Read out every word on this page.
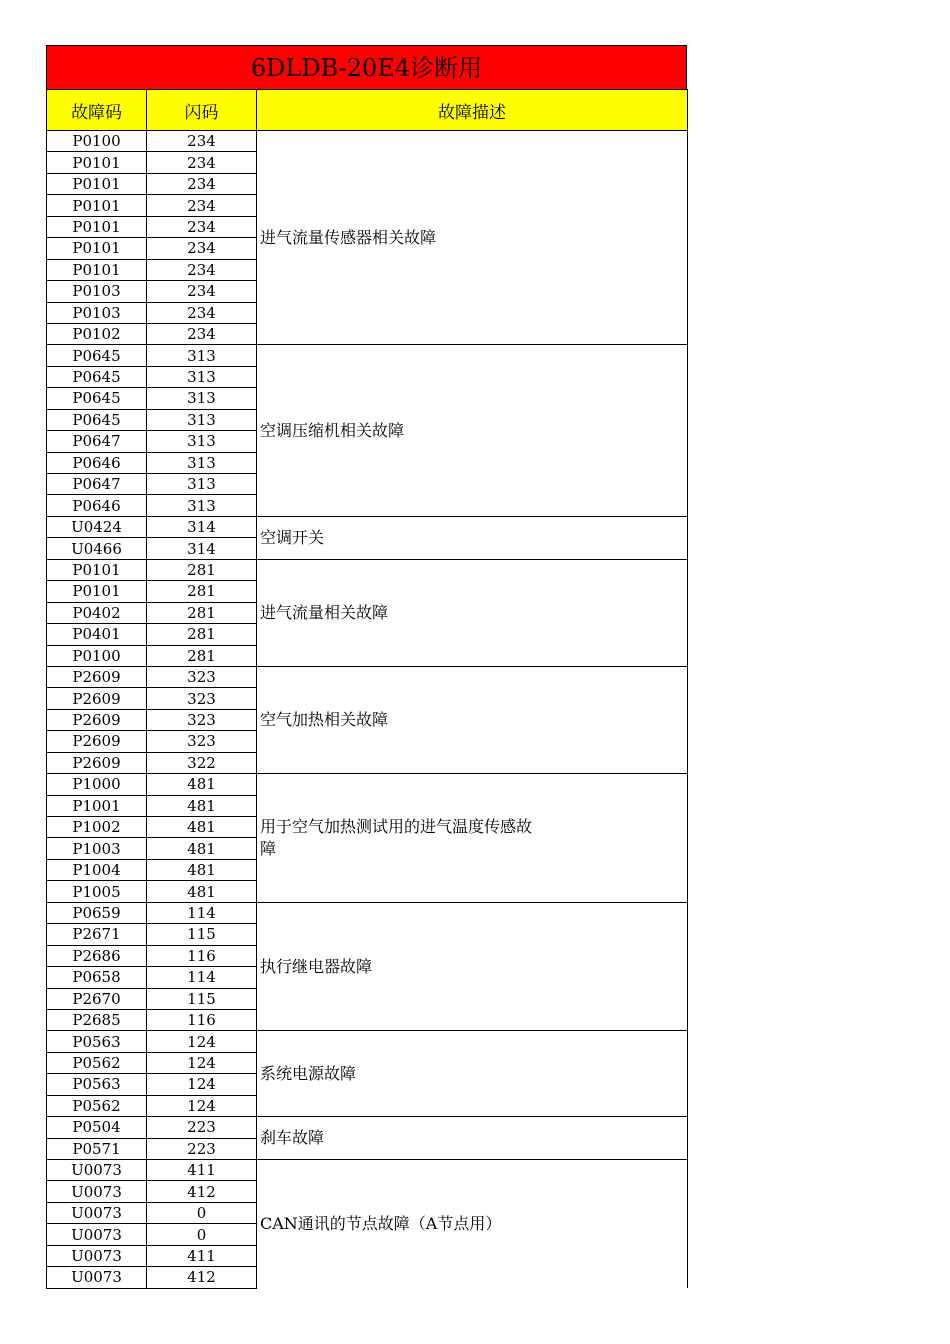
6DLDB-20E4诊断用
故障码	闪码	故障描述
P0100	234	进气流量传感器相关故障

P0101	234	
P0101	234	
P0101	234	
P0101	234	
P0101	234	
P0101	234	
P0103	234	
P0103	234	
P0102	234	
P0645	313	空调压缩机相关故障

P0645	313	
P0645	313	
P0645	313	
P0647	313	
P0646	313	
P0647	313	
P0646	313	
U0424	314	空调开关

U0466	314	
P0101	281	进气流量相关故障

P0101	281	
P0402	281	
P0401	281	
P0100	281	
P2609	323	空气加热相关故障

P2609	323	
P2609	323	
P2609	323	
P2609	322	
P1000	481	用于空气加热测试用的进气温度传感故障

P1001	481	
P1002	481	
P1003	481	
P1004	481	
P1005	481	
P0659	114	执行继电器故障

P2671	115	
P2686	116	
P0658	114	
P2670	115	
P2685	116	
P0563	124	系统电源故障

P0562	124	
P0563	124	
P0562	124	
P0504	223	刹车故障

P0571	223	
U0073	411	CAN通讯的节点故障（A节点用）

U0073	412	
U0073	0	
U0073	0	
U0073	411	
U0073	412	
